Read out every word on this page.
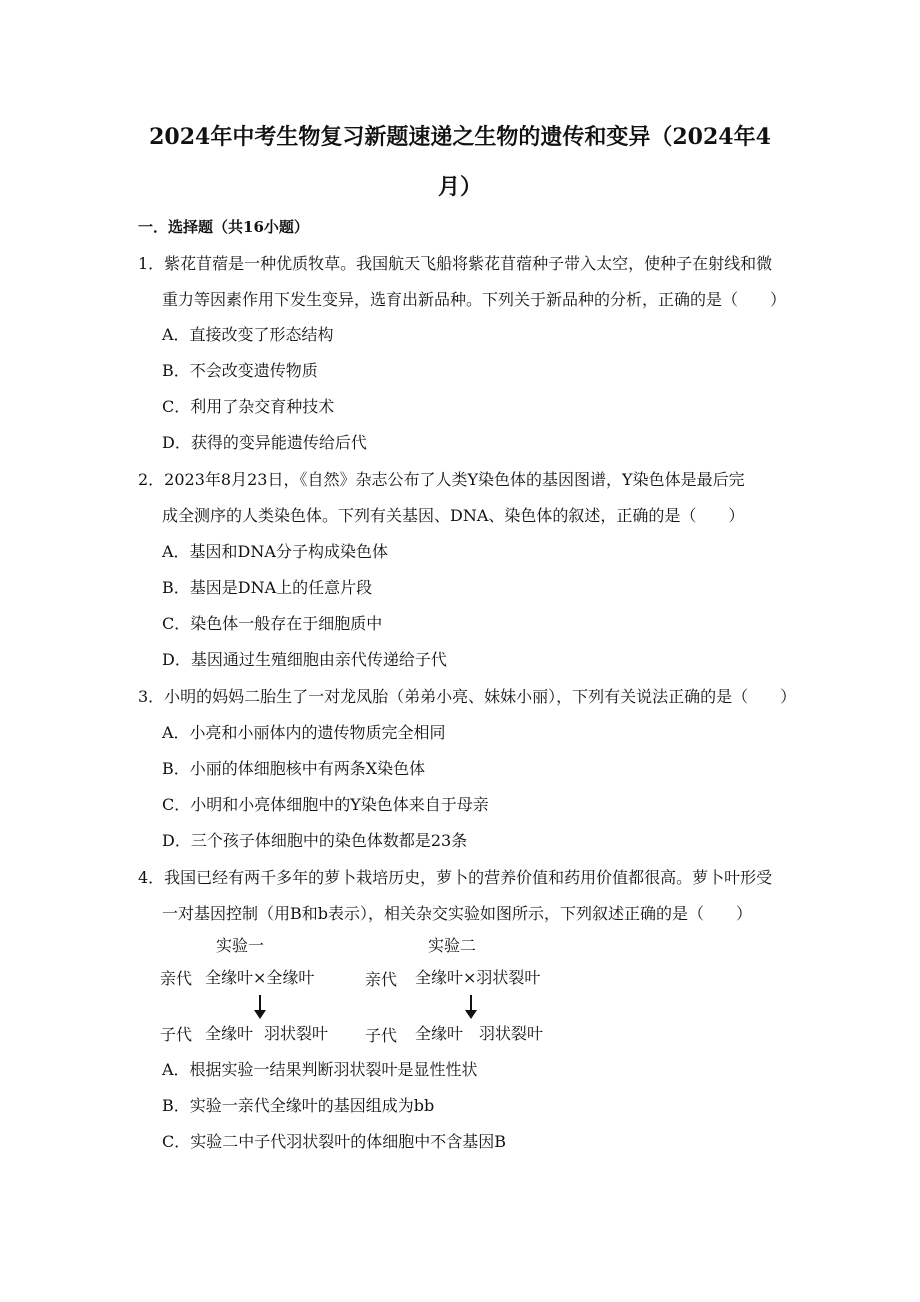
2024年中考生物复习新题速递之生物的遗传和变异（2024年4
月）
一．选择题（共16小题）
1．紫花苜蓿是一种优质牧草。我国航天飞船将紫花苜蓿种子带入太空，使种子在射线和微
重力等因素作用下发生变异，选育出新品种。下列关于新品种的分析，正确的是（　　）
A．直接改变了形态结构
B．不会改变遗传物质
C．利用了杂交育种技术
D．获得的变异能遗传给后代
2．2023年8月23日，《自然》杂志公布了人类Y染色体的基因图谱，Y染色体是最后完
成全测序的人类染色体。下列有关基因、DNA、染色体的叙述，正确的是（　　）
A．基因和DNA分子构成染色体
B．基因是DNA上的任意片段
C．染色体一般存在于细胞质中
D．基因通过生殖细胞由亲代传递给子代
3．小明的妈妈二胎生了一对龙凤胎（弟弟小亮、妹妹小丽），下列有关说法正确的是（　　）
A．小亮和小丽体内的遗传物质完全相同
B．小丽的体细胞核中有两条X染色体
C．小明和小亮体细胞中的Y染色体来自于母亲
D．三个孩子体细胞中的染色体数都是23条
4．我国已经有两千多年的萝卜栽培历史，萝卜的营养价值和药用价值都很高。萝卜叶形受
一对基因控制（用B和b表示），相关杂交实验如图所示，下列叙述正确的是（　　）
实验一
亲代 全缘叶×全缘叶
子代 全缘叶 羽状裂叶
实验二
亲代 全缘叶×羽状裂叶
子代 全缘叶 羽状裂叶
A．根据实验一结果判断羽状裂叶是显性性状
B．实验一亲代全缘叶的基因组成为bb
C．实验二中子代羽状裂叶的体细胞中不含基因B
